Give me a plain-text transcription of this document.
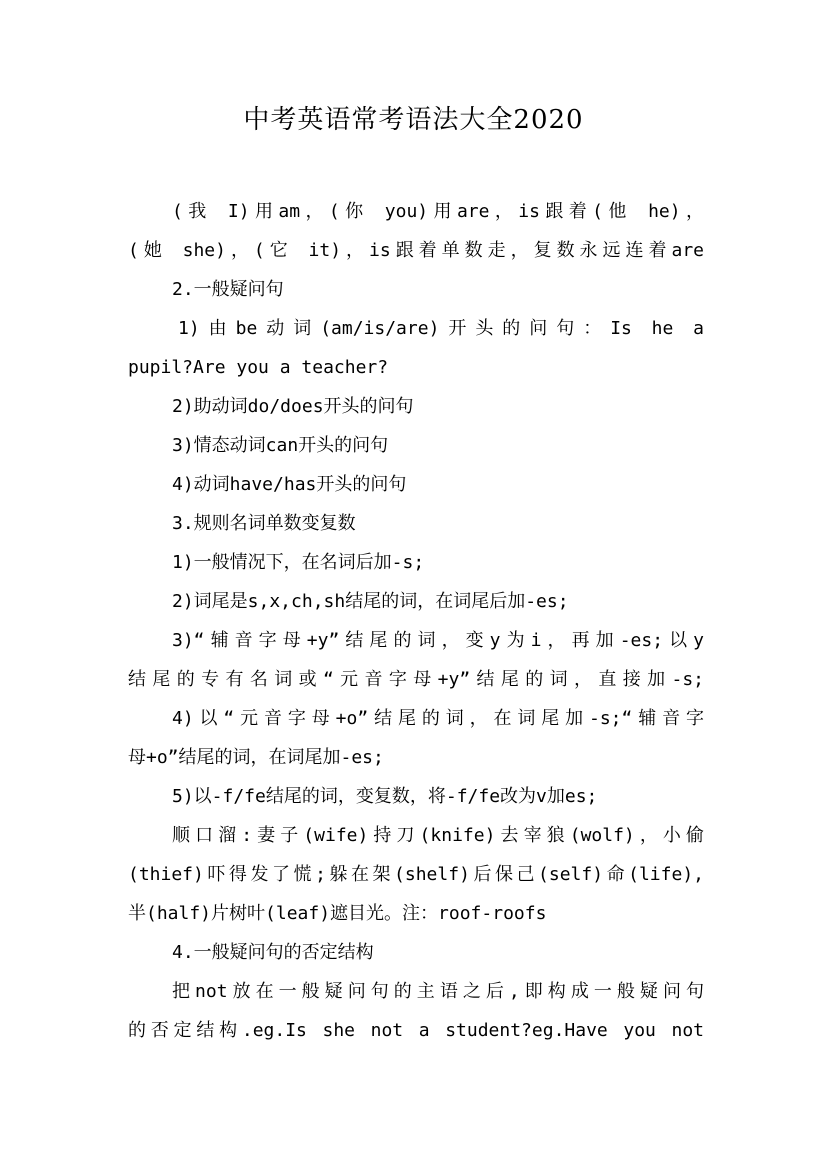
中考英语常考语法大全2020
(我 I)用am，(你 you)用are，is跟着(他 he)，
(她 she)，(它 it)，is跟着单数走，复数永远连着are
2.一般疑问句
1)由be动词(am/is/are)开头的问句：Is he a
pupil?Are you a teacher?
2)助动词do/does开头的问句
3)情态动词can开头的问句
4)动词have/has开头的问句
3.规则名词单数变复数
1)一般情况下，在名词后加-s;
2)词尾是s,x,ch,sh结尾的词，在词尾后加-es;
3)“辅音字母+y”结尾的词，变y为i，再加-es;以y
结尾的专有名词或“元音字母+y”结尾的词，直接加-s;
4)以“元音字母+o”结尾的词，在词尾加-s;“辅音字
母+o”结尾的词，在词尾加-es;
5)以-f/fe结尾的词，变复数，将-f/fe改为v加es;
顺口溜:妻子(wife)持刀(knife)去宰狼(wolf)，小偷
(thief)吓得发了慌;躲在架(shelf)后保己(self)命(life),
半(half)片树叶(leaf)遮目光。注：roof-roofs
4.一般疑问句的否定结构
把not放在一般疑问句的主语之后,即构成一般疑问句
的否定结构.eg.Is she not a student?eg.Have you not
